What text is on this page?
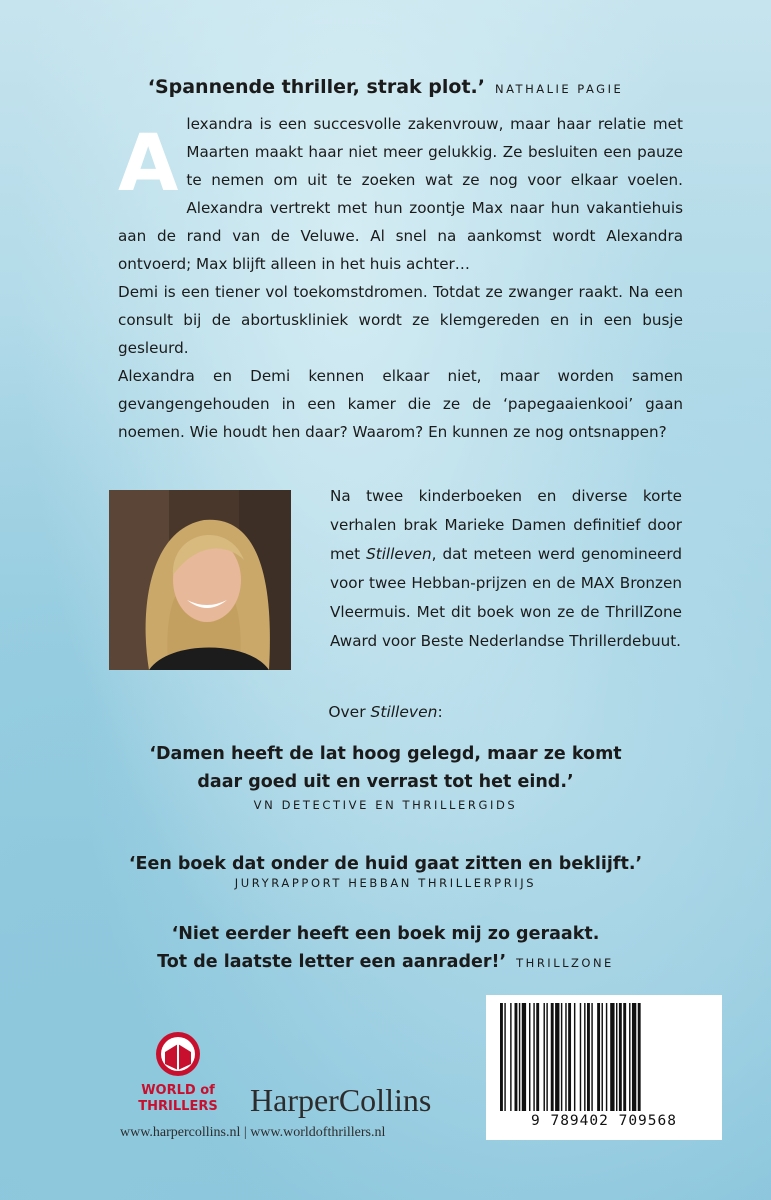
‘Spannende thriller, strak plot.’ NATHALIE PAGIE
A lexandra is een succesvolle zakenvrouw, maar haar relatie met Maarten maakt haar niet meer gelukkig. Ze besluiten een pauze te nemen om uit te zoeken wat ze nog voor elkaar voelen. Alexandra vertrekt met hun zoontje Max naar hun vakantiehuis aan de rand van de Veluwe. Al snel na aankomst wordt Alexandra ontvoerd; Max blijft alleen in het huis achter…

Demi is een tiener vol toekomstdromen. Totdat ze zwanger raakt. Na een consult bij de abortuskliniek wordt ze klemgereden en in een busje gesleurd.

Alexandra en Demi kennen elkaar niet, maar worden samen gevangengehouden in een kamer die ze de ‘papegaaienkooi’ gaan noemen. Wie houdt hen daar? Waarom? En kunnen ze nog ontsnappen?

Na twee kinderboeken en diverse korte verhalen brak Marieke Damen definitief door met Stilleven, dat meteen werd genomineerd voor twee Hebban-prijzen en de MAX Bronzen Vleermuis. Met dit boek won ze de ThrillZone Award voor Beste Nederlandse Thrillerdebuut.
Over Stilleven:
‘Damen heeft de lat hoog gelegd, maar ze komt
daar goed uit en verrast tot het eind.’
VN DETECTIVE EN THRILLERGIDS
‘Een boek dat onder de huid gaat zitten en beklijft.’
JURYRAPPORT HEBBAN THRILLERPRIJS
‘Niet eerder heeft een boek mij zo geraakt.
Tot de laatste letter een aanrader!’ THRILLZONE
WORLD of
THRILLERS HarperCollins
www.harpercollins.nl | www.worldofthrillers.nl
9 789402 709568
